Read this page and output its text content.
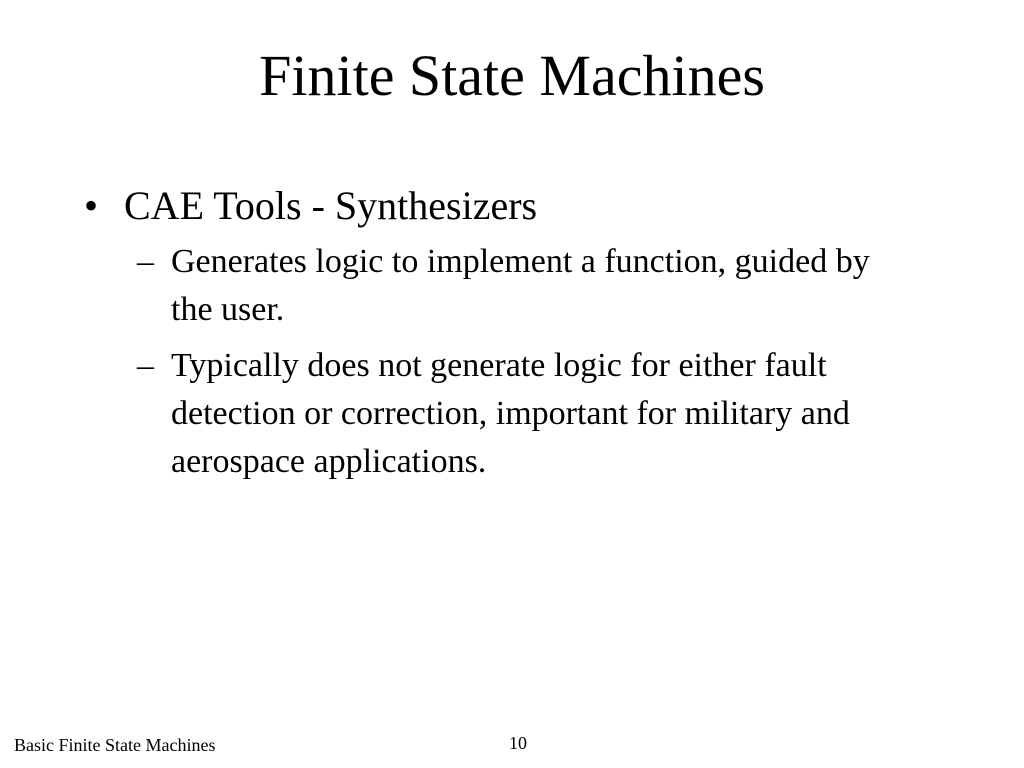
Finite State Machines
• CAE Tools - Synthesizers
– Generates logic to implement a function, guided by the user.
– Typically does not generate logic for either fault detection or correction, important for military and aerospace applications.
Basic Finite State Machines	10
